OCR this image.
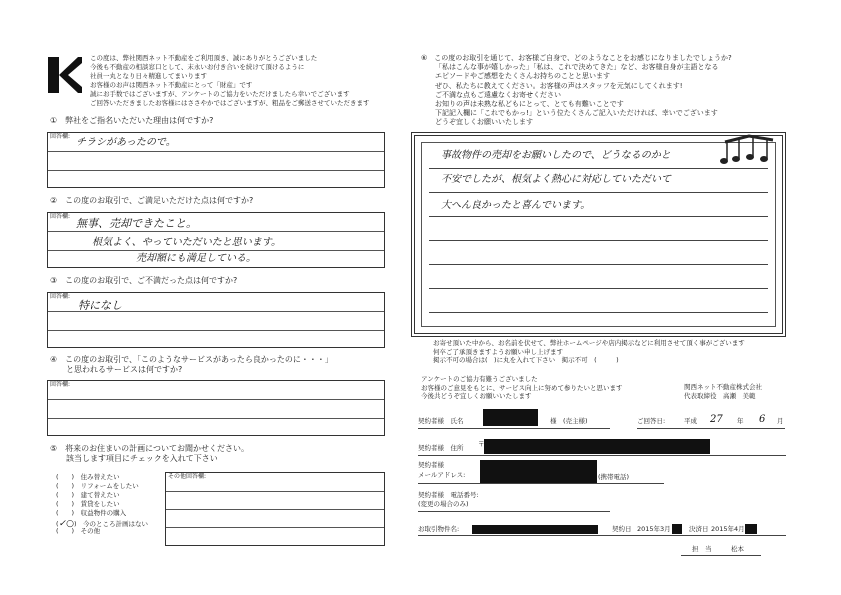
この度は、弊社関西ネット不動産をご利用頂き、誠にありがとうございました
今後も不動産の相談窓口として、末永いお付き合いを続けて頂けるように
社員一丸となり日々精進してまいります
お客様のお声は関西ネット不動産にとって「財産」です
誠にお手数ではございますが、アンケートのご協力をいただけましたら幸いでございます
ご回答いただきましたお客様にはささやかではございますが、粗品をご郵送させていただきます
①　 弊社をご指名いただいた理由は何ですか?
回答欄:
チラシがあったので。
②　 この度のお取引で、ご満足いただけた点は何ですか?
回答欄:
無事、売却できたこと。
根気よく、やっていただいたと思います。
売却額にも満足している。
③　 この度のお取引で、ご不満だった点は何ですか?
回答欄:
特になし
④　 この度のお取引で、「このようなサービスがあったら良かったのに・・・」
と思われるサービスは何ですか?
回答欄:
⑤　 将来のお住まいの計画についてお聞かせください。
該当します項目にチェックを入れて下さい
(　　)　住み替えたい
(　　)　リフォームをしたい
(　　)　建て替えたい
(　　)　賃貸をしたい
(　　)　収益物件の購入
(✓○)　今のところ計画はない
(　　)　その他
その他回答欄:
⑥　 この度のお取引を通じて、お客様ご自身で、どのようなことをお感じになりましたでしょうか?
「私はこんな事が嬉しかった」「私は、これで決めてきた」など、お客様自身が主語となる
エピソードやご感想をたくさんお持ちのことと思います
ぜひ、私たちに教えてください。お客様の声はスタッフを元気にしてくれます!
ご不満な点もご遠慮なくお寄せください
お知りの声は未熟な私どもにとって、とても有難いことです
下記記入欄に「これでもかっ!」という位たくさんご記入いただければ、幸いでございます
どうぞ宜しくお願いいたします
事故物件の売却をお願いしたので、どうなるのかと
不安でしたが、根気よく熱心に対応していただいて
大へん良かったと喜んでいます。
お寄せ頂いた中から、お名前を伏せて、弊社ホームページや店内掲示などに利用させて頂く事がございます
何卒ご了承頂きますようお願い申し上げます
掲示不可の場合は(　)に丸を入れて下さい　掲示不可　(　　　)
アンケートのご協力有難うございました
お客様のご意見をもとに、サービス向上に努めて参りたいと思います
今後共どうぞ宜しくお願いいたします
関西ネット不動産株式会社
代表取締役　高瀬　美範
契約者様　氏名	様　(売主様)	ご回答日:	平成 27 年 6 月
契約者様　住所 〒
契約者様
メールアドレス:	(携帯電話)
契約者様　電話番号:
(変更の場合のみ)
お取引物件名:	契約日 2015年3月	決済日 2015年4月
担　当	松本
